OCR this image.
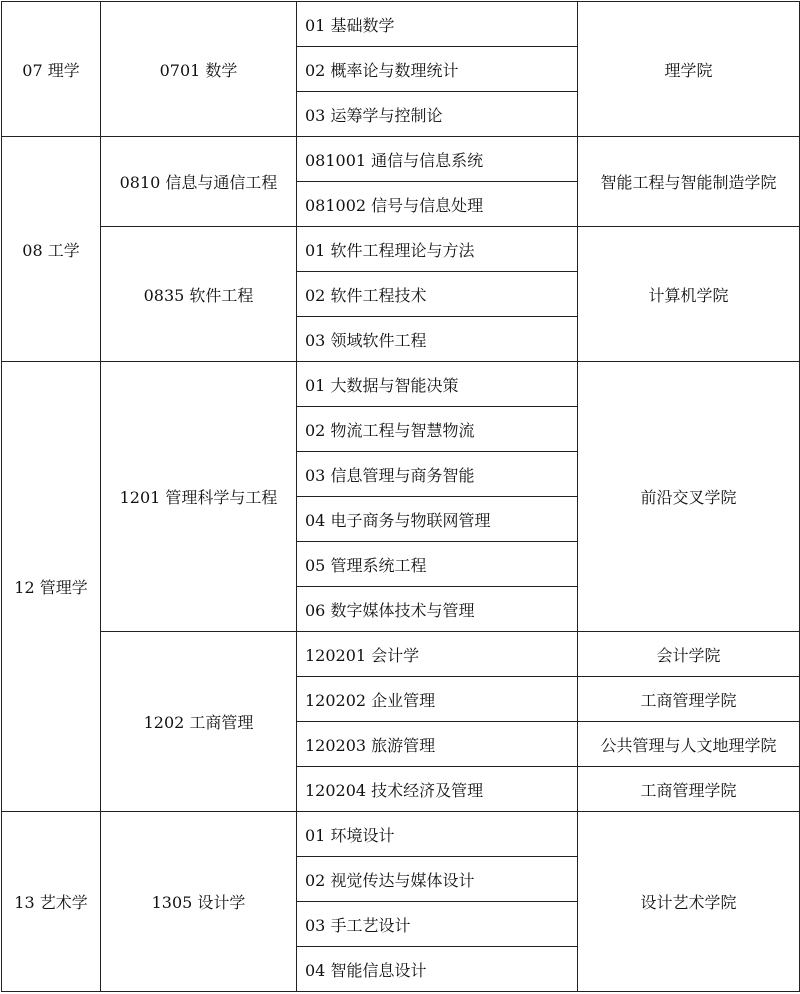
07 理学	0701 数学	01 基础数学	理学院
		02 概率论与数理统计	
		03 运筹学与控制论	
08 工学	0810 信息与通信工程	081001 通信与信息系统	智能工程与智能制造学院
		081002 信号与信息处理	
	0835 软件工程	01 软件工程理论与方法	计算机学院
		02 软件工程技术	
		03 领域软件工程	
12 管理学	1201 管理科学与工程	01 大数据与智能决策	前沿交叉学院
		02 物流工程与智慧物流	
		03 信息管理与商务智能	
		04 电子商务与物联网管理	
		05 管理系统工程	
		06 数字媒体技术与管理	
	1202 工商管理	120201 会计学	会计学院
		120202 企业管理	工商管理学院
		120203 旅游管理	公共管理与人文地理学院
		120204 技术经济及管理	工商管理学院
13 艺术学	1305 设计学	01 环境设计	设计艺术学院
		02 视觉传达与媒体设计	
		03 手工艺设计	
		04 智能信息设计	
